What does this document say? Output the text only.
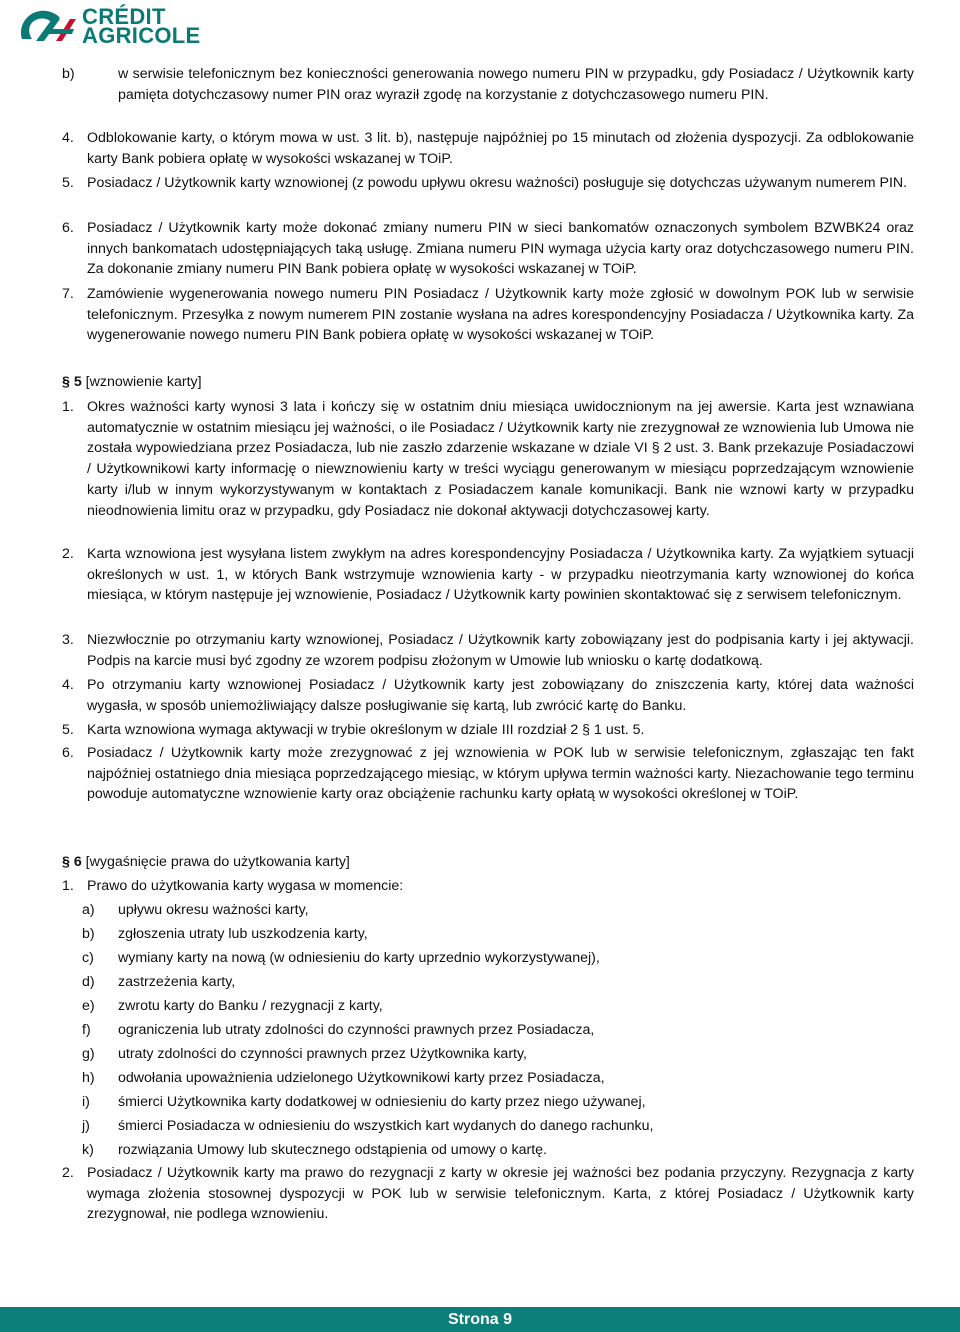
CRÉDIT
AGRICOLE
b)	w serwisie telefonicznym bez konieczności generowania nowego numeru PIN w przypadku, gdy Posiadacz / Użytkownik karty pamięta dotychczasowy numer PIN oraz wyraził zgodę na korzystanie z dotychczasowego numeru PIN.
4. Odblokowanie karty, o którym mowa w ust. 3 lit. b), następuje najpóźniej po 15 minutach od złożenia dyspozycji. Za odblokowanie karty Bank pobiera opłatę w wysokości wskazanej w TOiP.
5. Posiadacz / Użytkownik karty wznowionej (z powodu upływu okresu ważności) posługuje się dotychczas używanym numerem PIN.
6. Posiadacz / Użytkownik karty może dokonać zmiany numeru PIN w sieci bankomatów oznaczonych symbolem BZWBK24 oraz innych bankomatach udostępniających taką usługę. Zmiana numeru PIN wymaga użycia karty oraz dotychczasowego numeru PIN. Za dokonanie zmiany numeru PIN Bank pobiera opłatę w wysokości wskazanej w TOiP.
7. Zamówienie wygenerowania nowego numeru PIN Posiadacz / Użytkownik karty może zgłosić w dowolnym POK lub w serwisie telefonicznym. Przesyłka z nowym numerem PIN zostanie wysłana na adres korespondencyjny Posiadacza / Użytkownika karty. Za wygenerowanie nowego numeru PIN Bank pobiera opłatę w wysokości wskazanej w TOiP.
§ 5 [wznowienie karty]
1. Okres ważności karty wynosi 3 lata i kończy się w ostatnim dniu miesiąca uwidocznionym na jej awersie. Karta jest wznawiana automatycznie w ostatnim miesiącu jej ważności, o ile Posiadacz / Użytkownik karty nie zrezygnował ze wznowienia lub Umowa nie została wypowiedziana przez Posiadacza, lub nie zaszło zdarzenie wskazane w dziale VI § 2 ust. 3. Bank przekazuje Posiadaczowi / Użytkownikowi karty informację o niewznowieniu karty w treści wyciągu generowanym w miesiącu poprzedzającym wznowienie karty i/lub w innym wykorzystywanym w kontaktach z Posiadaczem kanale komunikacji. Bank nie wznowi karty w przypadku nieodnowienia limitu oraz w przypadku, gdy Posiadacz nie dokonał aktywacji dotychczasowej karty.
2. Karta wznowiona jest wysyłana listem zwykłym na adres korespondencyjny Posiadacza / Użytkownika karty. Za wyjątkiem sytuacji określonych w ust. 1, w których Bank wstrzymuje wznowienia karty - w przypadku nieotrzymania karty wznowionej do końca miesiąca, w którym następuje jej wznowienie, Posiadacz / Użytkownik karty powinien skontaktować się z serwisem telefonicznym.
3. Niezwłocznie po otrzymaniu karty wznowionej, Posiadacz / Użytkownik karty zobowiązany jest do podpisania karty i jej aktywacji. Podpis na karcie musi być zgodny ze wzorem podpisu złożonym w Umowie lub wniosku o kartę dodatkową.
4. Po otrzymaniu karty wznowionej Posiadacz / Użytkownik karty jest zobowiązany do zniszczenia karty, której data ważności wygasła, w sposób uniemożliwiający dalsze posługiwanie się kartą, lub zwrócić kartę do Banku.
5. Karta wznowiona wymaga aktywacji w trybie określonym w dziale III rozdział 2 § 1 ust. 5.
6. Posiadacz / Użytkownik karty może zrezygnować z jej wznowienia w POK lub w serwisie telefonicznym, zgłaszając ten fakt najpóźniej ostatniego dnia miesiąca poprzedzającego miesiąc, w którym upływa termin ważności karty. Niezachowanie tego terminu powoduje automatyczne wznowienie karty oraz obciążenie rachunku karty opłatą w wysokości określonej w TOiP.
§ 6 [wygaśnięcie prawa do użytkowania karty]
1. Prawo do użytkowania karty wygasa w momencie:
a)	upływu okresu ważności karty,
b)	zgłoszenia utraty lub uszkodzenia karty,
c)	wymiany karty na nową (w odniesieniu do karty uprzednio wykorzystywanej),
d)	zastrzeżenia karty,
e)	zwrotu karty do Banku / rezygnacji z karty,
f)	ograniczenia lub utraty zdolności do czynności prawnych przez Posiadacza,
g)	utraty zdolności do czynności prawnych przez Użytkownika karty,
h)	odwołania upoważnienia udzielonego Użytkownikowi karty przez Posiadacza,
i)	śmierci Użytkownika karty dodatkowej w odniesieniu do karty przez niego używanej,
j)	śmierci Posiadacza w odniesieniu do wszystkich kart wydanych do danego rachunku,
k)	rozwiązania Umowy lub skutecznego odstąpienia od umowy o kartę.
2. Posiadacz / Użytkownik karty ma prawo do rezygnacji z karty w okresie jej ważności bez podania przyczyny. Rezygnacja z karty wymaga złożenia stosownej dyspozycji w POK lub w serwisie telefonicznym. Karta, z której Posiadacz / Użytkownik karty zrezygnował, nie podlega wznowieniu.
Strona 9
